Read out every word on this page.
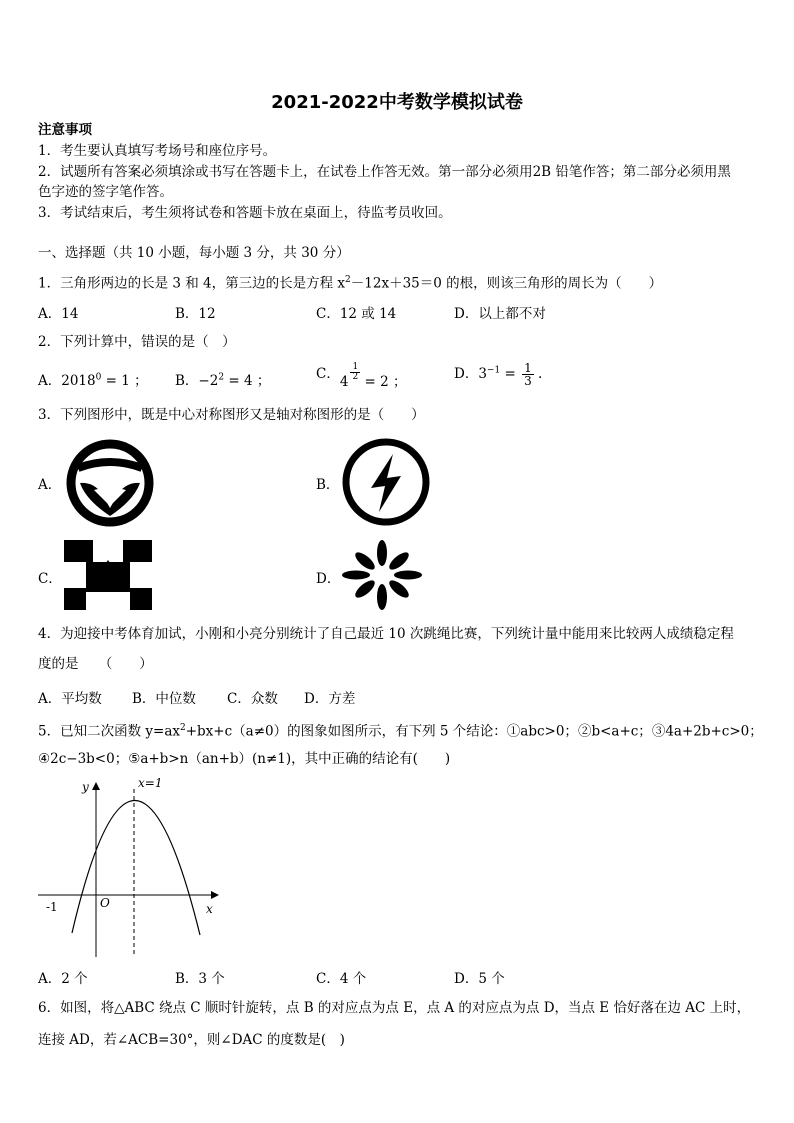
2021-2022中考数学模拟试卷
注意事项
1．考生要认真填写考场号和座位序号。
2．试题所有答案必须填涂或书写在答题卡上，在试卷上作答无效。第一部分必须用2B 铅笔作答；第二部分必须用黑
色字迹的签字笔作答。
3．考试结束后，考生须将试卷和答题卡放在桌面上，待监考员收回。
一、选择题（共 10 小题，每小题 3 分，共 30 分）
1．三角形两边的长是 3 和 4，第三边的长是方程 $x^2-12x+35=0$ 的根，则该三角形的周长为（　　）
A．14	B．12	C．12 或 14	D．以上都不对
2．下列计算中，错误的是（　）
A．$2018^0 = 1$ ； B．$-2^2 = 4$ ；	C．$4 \frac{1}{2} = 2$ ；	D．$3^{-1} = \frac{1}{3}$ .
3．下列图形中，既是中心对称图形又是轴对称图形的是（　　）
A．	B．
C．	D．
4．为迎接中考体育加试，小刚和小亮分别统计了自己最近 10 次跳绳比赛，下列统计量中能用来比较两人成绩稳定程
度的是　　（　　）
A．平均数 B．中位数 C．众数 D．方差
5．已知二次函数 $y=ax^2+bx+c(a\ne 0)$的图象如图所示，有下列 5 个结论：①abc>0；②b<a+c；③4a+2b+c>0；
④2c−3b<0；⑤a+b>n（an+b）(n≠1)，其中正确的结论有(　　)
y
x
O
-1
x=1
A．2 个	B．3 个	C．4 个	D．5 个
6．如图，将△ABC 绕点 C 顺时针旋转，点 B 的对应点为点 E，点 A 的对应点为点 D，当点 E 恰好落在边 AC 上时，
连接 AD，若∠ACB=30°，则∠DAC 的度数是(　)
